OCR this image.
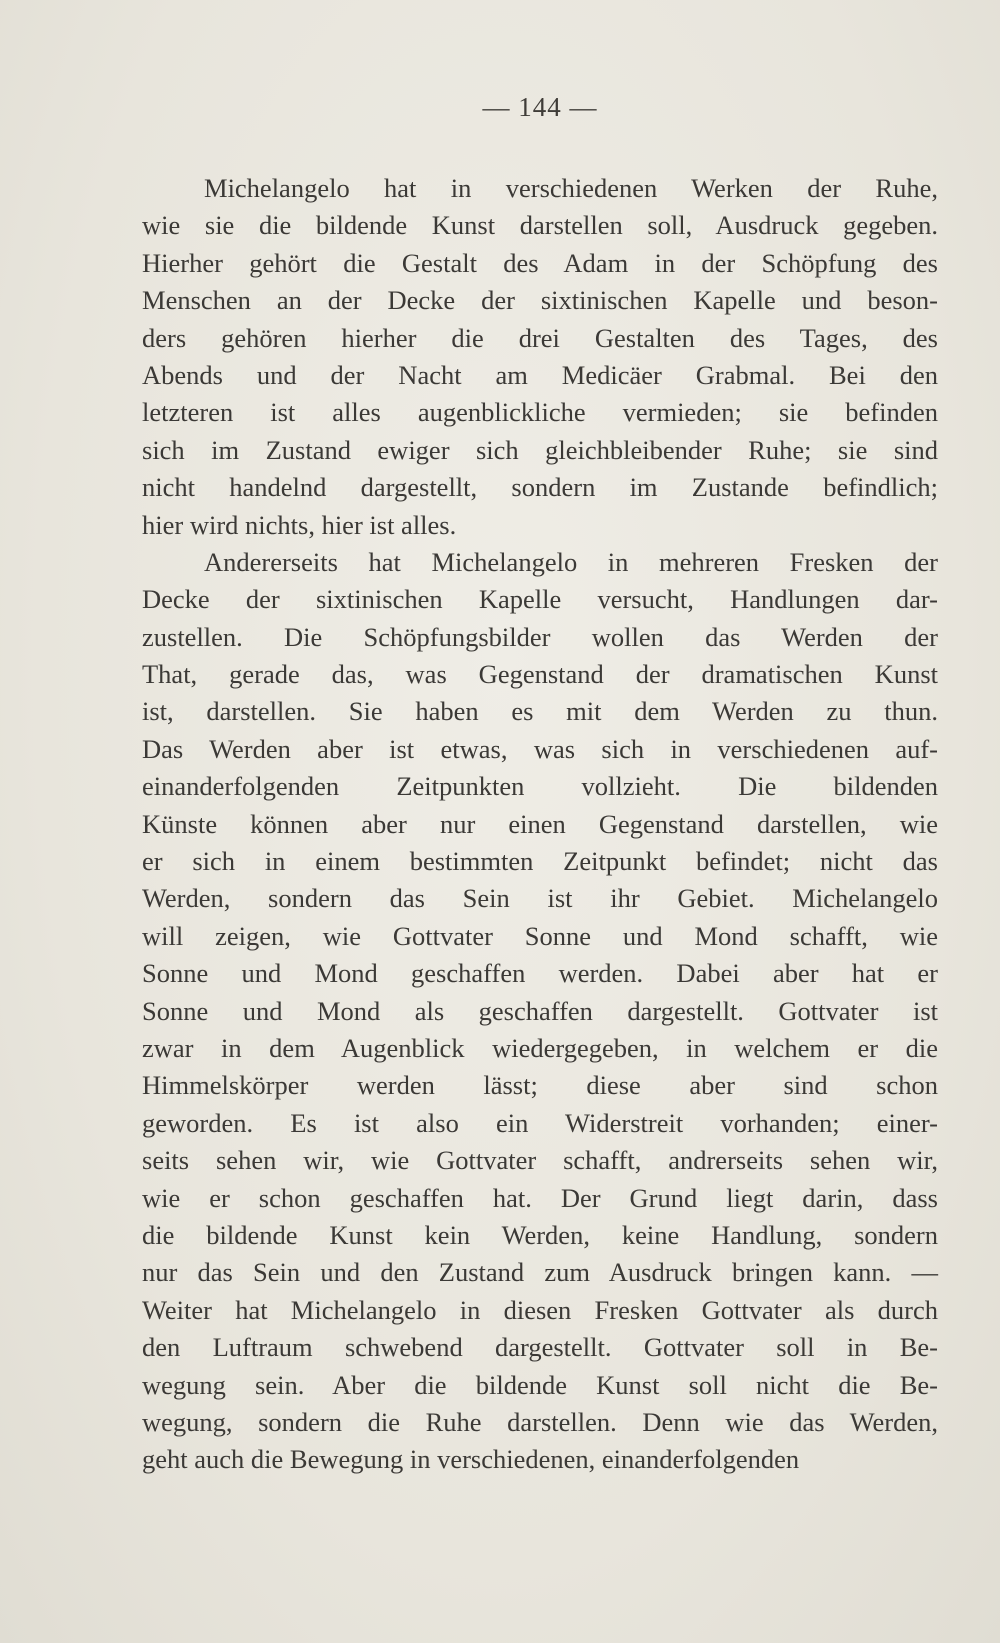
— 144 —
Michelangelo hat in verschiedenen Werken der Ruhe,
wie sie die bildende Kunst darstellen soll, Ausdruck gegeben.
Hierher gehört die Gestalt des Adam in der Schöpfung des
Menschen an der Decke der sixtinischen Kapelle und beson-
ders gehören hierher die drei Gestalten des Tages, des
Abends und der Nacht am Medicäer Grabmal. Bei den
letzteren ist alles augenblickliche vermieden; sie befinden
sich im Zustand ewiger sich gleichbleibender Ruhe; sie sind
nicht handelnd dargestellt, sondern im Zustande befindlich;
hier wird nichts, hier ist alles.
Andererseits hat Michelangelo in mehreren Fresken der
Decke der sixtinischen Kapelle versucht, Handlungen dar-
zustellen. Die Schöpfungsbilder wollen das Werden der
That, gerade das, was Gegenstand der dramatischen Kunst
ist, darstellen. Sie haben es mit dem Werden zu thun.
Das Werden aber ist etwas, was sich in verschiedenen auf-
einanderfolgenden Zeitpunkten vollzieht. Die bildenden
Künste können aber nur einen Gegenstand darstellen, wie
er sich in einem bestimmten Zeitpunkt befindet; nicht das
Werden, sondern das Sein ist ihr Gebiet. Michelangelo
will zeigen, wie Gottvater Sonne und Mond schafft, wie
Sonne und Mond geschaffen werden. Dabei aber hat er
Sonne und Mond als geschaffen dargestellt. Gottvater ist
zwar in dem Augenblick wiedergegeben, in welchem er die
Himmelskörper werden lässt; diese aber sind schon
geworden. Es ist also ein Widerstreit vorhanden; einer-
seits sehen wir, wie Gottvater schafft, andrerseits sehen wir,
wie er schon geschaffen hat. Der Grund liegt darin, dass
die bildende Kunst kein Werden, keine Handlung, sondern
nur das Sein und den Zustand zum Ausdruck bringen kann. —
Weiter hat Michelangelo in diesen Fresken Gottvater als durch
den Luftraum schwebend dargestellt. Gottvater soll in Be-
wegung sein. Aber die bildende Kunst soll nicht die Be-
wegung, sondern die Ruhe darstellen. Denn wie das Werden,
geht auch die Bewegung in verschiedenen, einanderfolgenden
